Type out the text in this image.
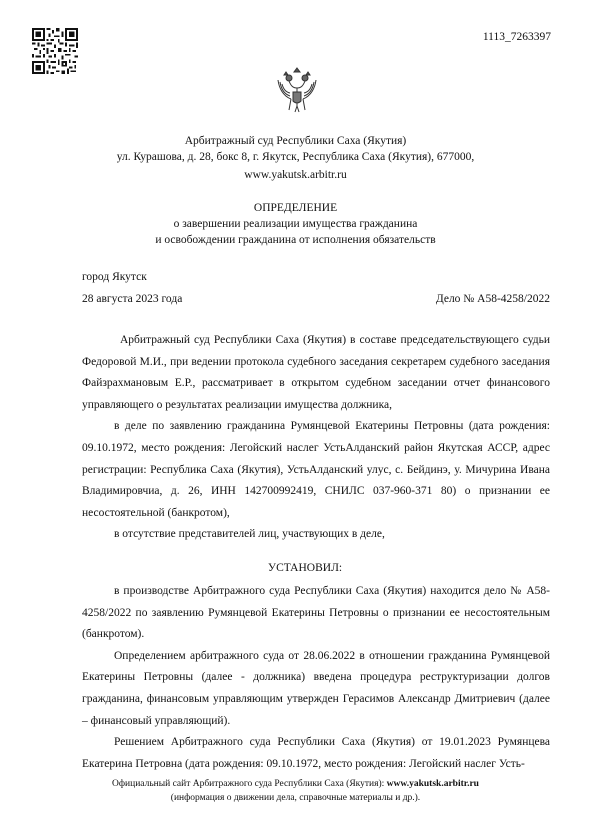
1113_7263397
Арбитражный суд Республики Саха (Якутия)
ул. Курашова, д. 28, бокс 8, г. Якутск, Республика Саха (Якутия), 677000,
www.yakutsk.arbitr.ru
ОПРЕДЕЛЕНИЕ
о завершении реализации имущества гражданина
и освобождении гражданина от исполнения обязательств
город Якутск
28 августа 2023 года	Дело № А58-4258/2022

Арбитражный суд Республики Саха (Якутия) в составе председательствующего судьи Федоровой М.И., при ведении протокола судебного заседания секретарем судебного заседания Файзрахмановым Е.Р., рассматривает в открытом судебном заседании отчет финансового управляющего о результатах реализации имущества должника,

в деле по заявлению гражданина Румянцевой Екатерины Петровны (дата рождения: 09.10.1972, место рождения: Легойский наслег УстьАлданский район Якутская АССР, адрес регистрации: Республика Саха (Якутия), УстьАлданский улус, с. Бейдинэ, у. Мичурина Ивана Владимировчиа, д. 26, ИНН 142700992419, СНИЛС 037-960-371 80) о признании ее несостоятельной (банкротом),

в отсутствие представителей лиц, участвующих в деле,

УСТАНОВИЛ:

в производстве Арбитражного суда Республики Саха (Якутия) находится дело № А58-4258/2022 по заявлению Румянцевой Екатерины Петровны о признании ее несостоятельным (банкротом).

Определением арбитражного суда от 28.06.2022 в отношении гражданина Румянцевой Екатерины Петровны (далее - должника) введена процедура реструктуризации долгов гражданина, финансовым управляющим утвержден Герасимов Александр Дмитриевич (далее – финансовый управляющий).

Решением Арбитражного суда Республики Саха (Якутия) от 19.01.2023 Румянцева Екатерина Петровна (дата рождения: 09.10.1972, место рождения: Легойский наслег Усть-

Официальный сайт Арбитражного суда Республики Саха (Якутия): www.yakutsk.arbitr.ru
(информация о движении дела, справочные материалы и др.).
